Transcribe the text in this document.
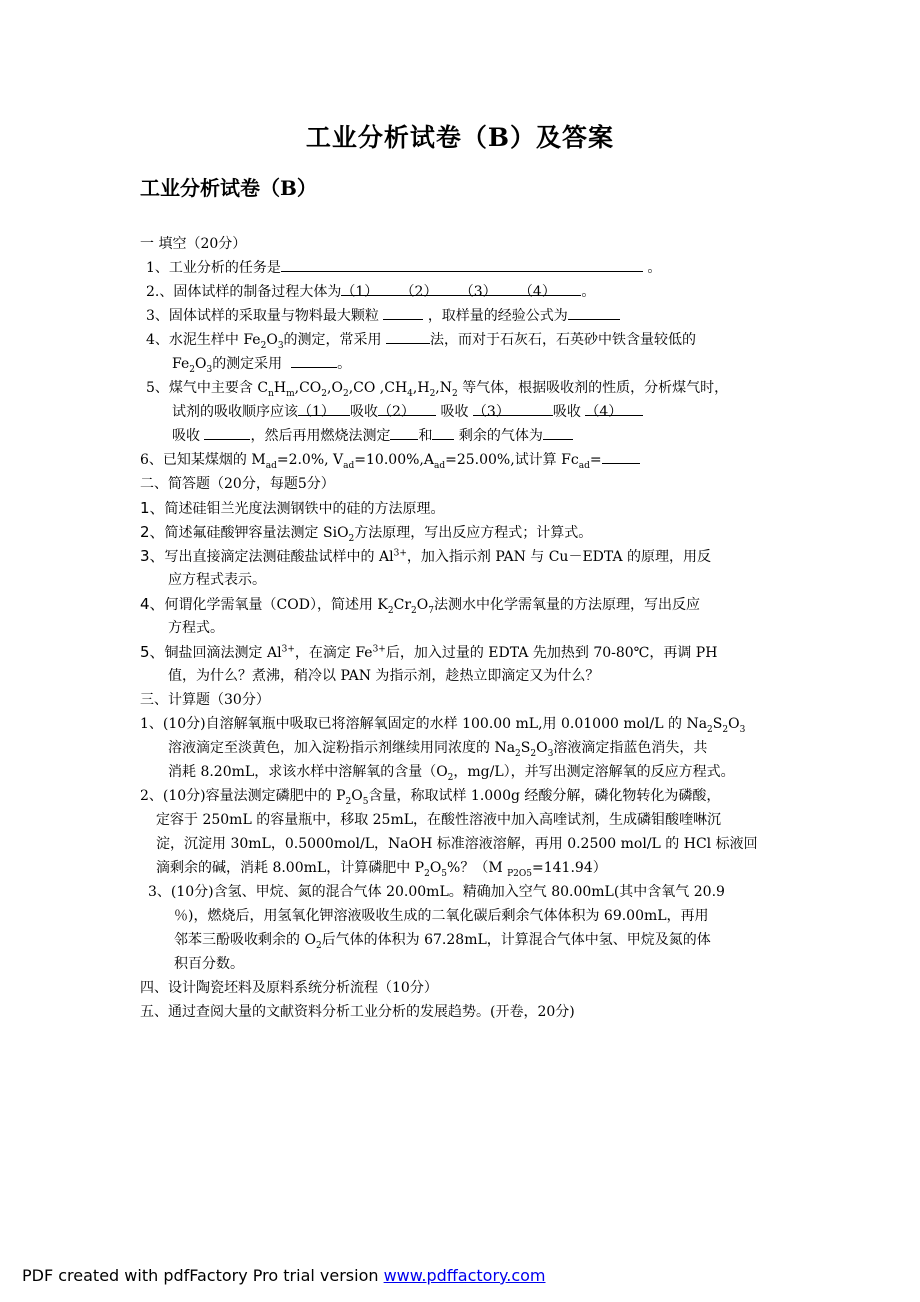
工业分析试卷（B）及答案
工业分析试卷（B）
一 填空（20分）
1、工业分析的任务是	。
2.、固体试样的制备过程大体为（1） （2） （3） （4） 。
3、固体试样的采取量与物料最大颗粒	，取样量的经验公式为
4、水泥生样中 $Fe_2O_3$的测定，常采用	法，而对于石灰石，石英砂中铁含量较低的
$Fe_2O_3$的测定采用	。
5、煤气中主要含 $C_nH_m,CO_2,O_2,CO$ $,CH_4,H_2,N_2$ 等气体，根据吸收剂的性质，分析煤气时，
试剂的吸收顺序应该（1） 吸收（2） 吸收 （3）	吸收 （4）
吸收	，然后再用燃烧法测定 和 剩余的气体为
6、已知某煤烟的 $M_{ad}=2.0\%$, $V_{ad}=10.00\%,A_{ad}=25.00\%$,试计算 $Fc_{ad}=$
二、简答题（20分，每题5分）
1、简述硅钼兰光度法测钢铁中的硅的方法原理。
2、简述氟硅酸钾容量法测定 SiO$_2$方法原理，写出反应方程式；计算式。
3、写出直接滴定法测硅酸盐试样中的 $Al^{3+}$，加入指示剂 PAN 与 Cu－EDTA 的原理，用反
应方程式表示。
4、何谓化学需氧量（COD），简述用 $K_2Cr_2O_7$法测水中化学需氧量的方法原理，写出反应
方程式。
5、铜盐回滴法测定 $Al^{3+}$，在滴定 $Fe^{3+}$后，加入过量的 EDTA 先加热到 70-80℃，再调 PH
值，为什么？煮沸，稍冷以 PAN 为指示剂，趁热立即滴定又为什么？
三、计算题（30分）
1、(10分)自溶解氧瓶中吸取已将溶解氧固定的水样 100.00 mL,用 0.01000 mol/L 的 $Na_2S_2O_3$
溶液滴定至淡黄色，加入淀粉指示剂继续用同浓度的 $Na_2S_2O_3$溶液滴定指蓝色消失，共
消耗 8.20mL，求该水样中溶解氧的含量（$O_2$，mg/L），并写出测定溶解氧的反应方程式。
2、(10分)容量法测定磷肥中的 $P_2O_5$含量，称取试样 1.000g 经酸分解，磷化物转化为磷酸，
定容于 250mL 的容量瓶中，移取 25mL，在酸性溶液中加入高喹试剂，生成磷钼酸喹啉沉
淀，沉淀用 30mL，0.5000mol/L，NaOH 标准溶液溶解，再用 0.2500 mol/L 的 HCl 标液回
滴剩余的碱，消耗 8.00mL，计算磷肥中 $P_2O_5\%$？（M $_{P2O5}$=141.94）
3、(10分)含氢、甲烷、氮的混合气体 20.00mL。精确加入空气 80.00mL(其中含氧气 20.9
％)，燃烧后，用氢氧化钾溶液吸收生成的二氧化碳后剩余气体体积为 69.00mL，再用
邻苯三酚吸收剩余的 $O_2$后气体的体积为 67.28mL，计算混合气体中氢、甲烷及氮的体
积百分数。
四、设计陶瓷坯料及原料系统分析流程（10分）
五、通过查阅大量的文献资料分析工业分析的发展趋势。(开卷，20分)
PDF created with pdfFactory Pro trial version www.pdffactory.com
